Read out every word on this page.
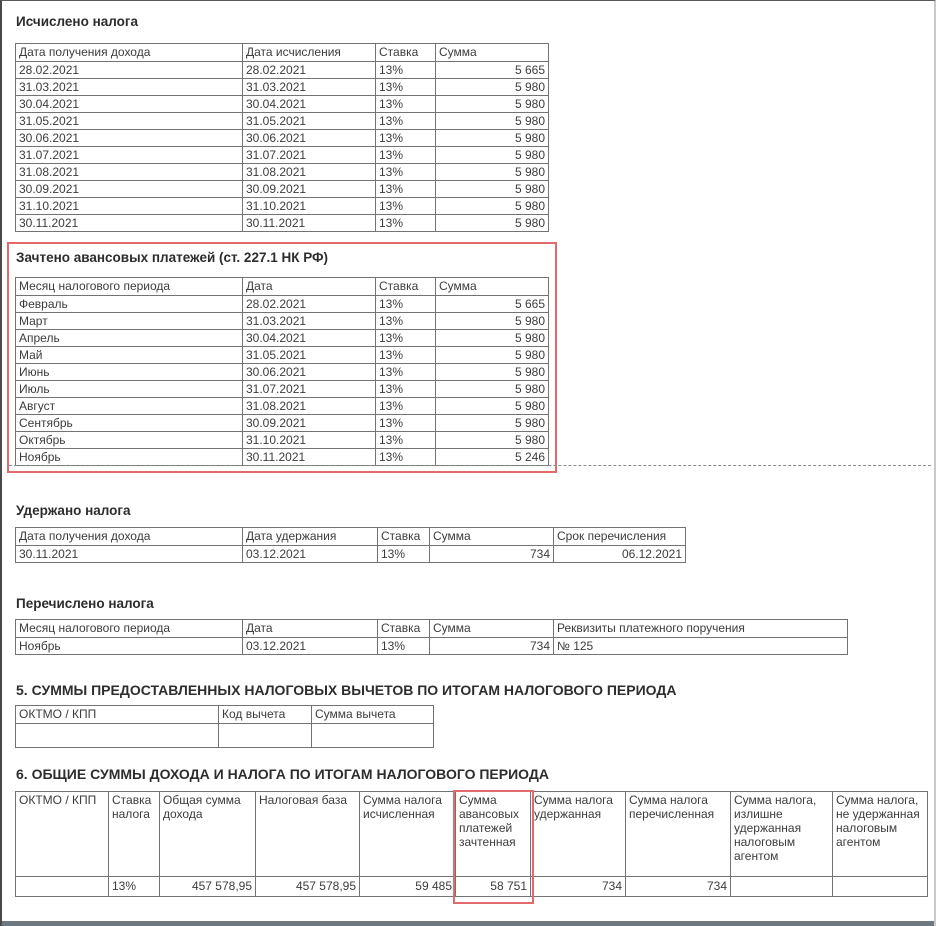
Исчислено налога
Дата получения дохода	Дата исчисления	Ставка	Сумма
28.02.2021	28.02.2021	13%	5 665
31.03.2021	31.03.2021	13%	5 980
30.04.2021	30.04.2021	13%	5 980
31.05.2021	31.05.2021	13%	5 980
30.06.2021	30.06.2021	13%	5 980
31.07.2021	31.07.2021	13%	5 980
31.08.2021	31.08.2021	13%	5 980
30.09.2021	30.09.2021	13%	5 980
31.10.2021	31.10.2021	13%	5 980
30.11.2021	30.11.2021	13%	5 980
Зачтено авансовых платежей (ст. 227.1 НК РФ)
Месяц налогового периода	Дата	Ставка	Сумма
Февраль	28.02.2021	13%	5 665
Март	31.03.2021	13%	5 980
Апрель	30.04.2021	13%	5 980
Май	31.05.2021	13%	5 980
Июнь	30.06.2021	13%	5 980
Июль	31.07.2021	13%	5 980
Август	31.08.2021	13%	5 980
Сентябрь	30.09.2021	13%	5 980
Октябрь	31.10.2021	13%	5 980
Ноябрь	30.11.2021	13%	5 246
Удержано налога
Дата получения дохода	Дата удержания	Ставка	Сумма	Срок перечисления
30.11.2021	03.12.2021	13%	734	06.12.2021
Перечислено налога
Месяц налогового периода	Дата	Ставка	Сумма	Реквизиты платежного поручения
Ноябрь	03.12.2021	13%	734	№ 125
5. СУММЫ ПРЕДОСТАВЛЕННЫХ НАЛОГОВЫХ ВЫЧЕТОВ ПО ИТОГАМ НАЛОГОВОГО ПЕРИОДА
ОКТМО / КПП	Код вычета	Сумма вычета

6. ОБЩИЕ СУММЫ ДОХОДА И НАЛОГА ПО ИТОГАМ НАЛОГОВОГО ПЕРИОДА
ОКТМО / КПП	Ставка налога	Общая сумма дохода	Налоговая база	Сумма налога исчисленная	Сумма авансовых платежей зачтенная	Сумма налога удержанная	Сумма налога перечисленная	Сумма налога, излишне удержанная налоговым агентом	Сумма налога, не удержанная налоговым агентом
	13%	457 578,95	457 578,95	59 485	58 751	734	734		
